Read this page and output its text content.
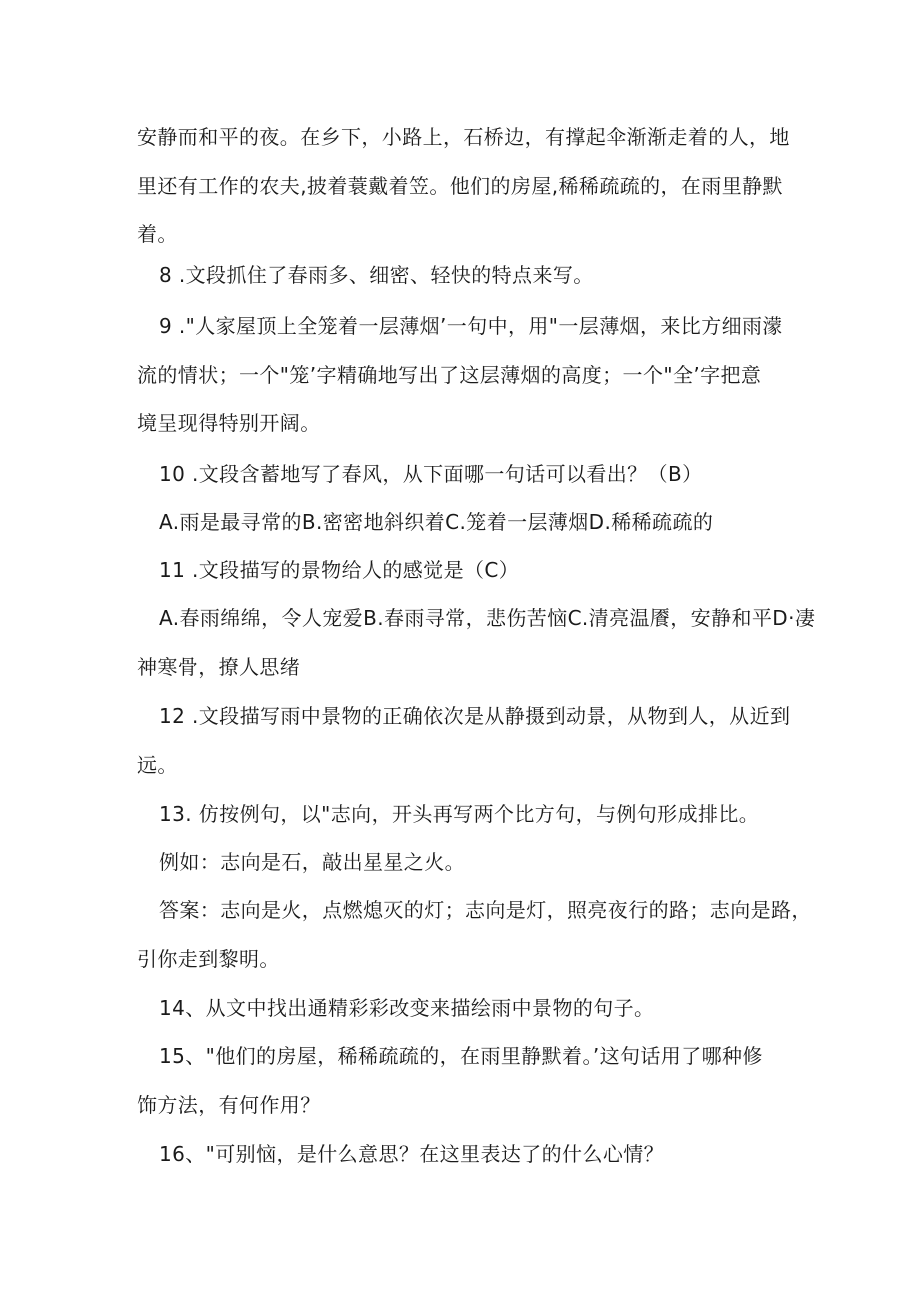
安静而和平的夜。在乡下，小路上，石桥边，有撑起伞渐渐走着的人，地
里还有工作的农夫,披着蓑戴着笠。他们的房屋,稀稀疏疏的，在雨里静默
着。

8 .文段抓住了春雨多、细密、轻快的特点来写。

9 ."人家屋顶上全笼着一层薄烟’一句中，用"一层薄烟，来比方细雨濛
流的情状；一个"笼’字精确地写出了这层薄烟的高度；一个"全’字把意
境呈现得特别开阔。

10 .文段含蓄地写了春风，从下面哪一句话可以看出？（B）

A.雨是最寻常的B.密密地斜织着C.笼着一层薄烟D.稀稀疏疏的

11 .文段描写的景物给人的感觉是（C）

A.春雨绵绵，令人宠爱B.春雨寻常，悲伤苦恼C.清亮温餍，安静和平D·凄
神寒骨，撩人思绪

12 .文段描写雨中景物的正确依次是从静摄到动景，从物到人，从近到
远。

13. 仿按例句，以"志向，开头再写两个比方句，与例句形成排比。

例如：志向是石，敲出星星之火。

答案：志向是火，点燃熄灭的灯；志向是灯，照亮夜行的路；志向是路，
引你走到黎明。

14、从文中找出通精彩彩改变来描绘雨中景物的句子。

15、"他们的房屋，稀稀疏疏的，在雨里静默着。’这句话用了哪种修
饰方法，有何作用？

16、"可别恼，是什么意思？在这里表达了的什么心情？
